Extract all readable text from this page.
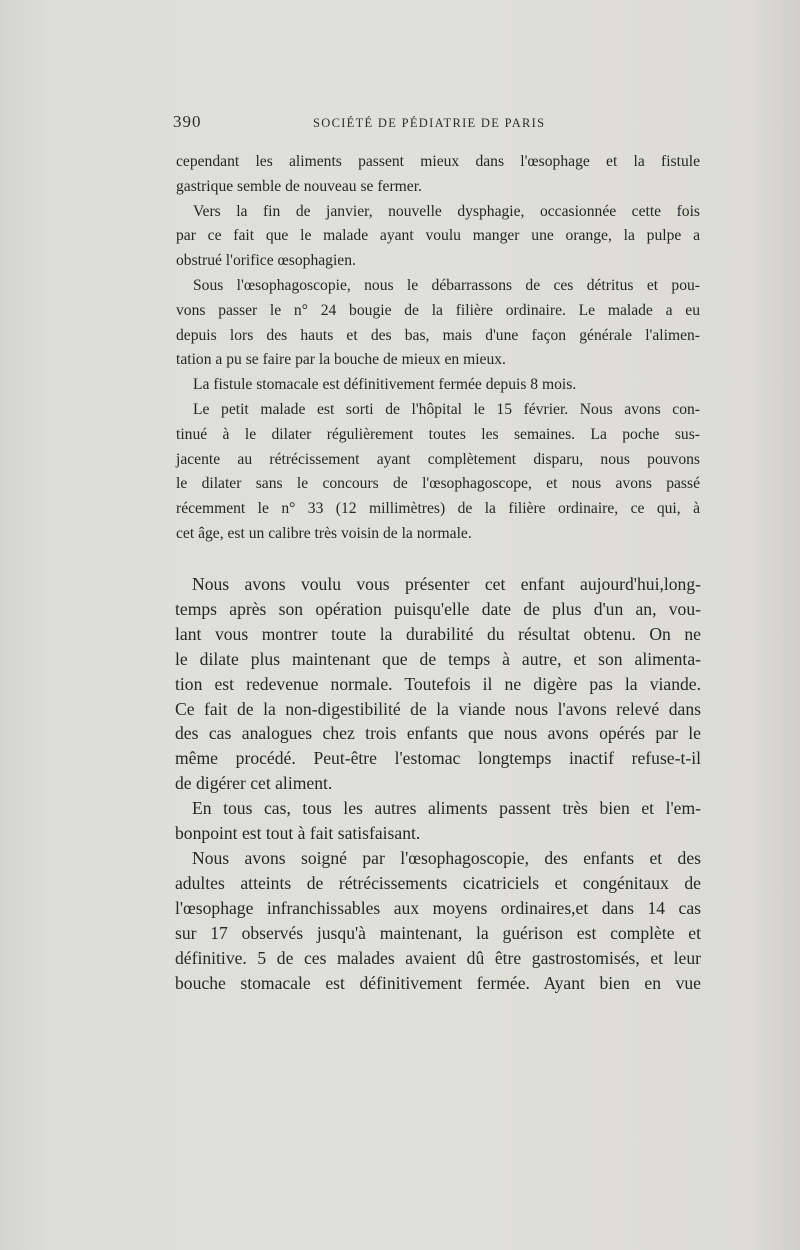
390	SOCIÉTÉ DE PÉDIATRIE DE PARIS
cependant les aliments passent mieux dans l'œsophage et la fistule
gastrique semble de nouveau se fermer.
Vers la fin de janvier, nouvelle dysphagie, occasionnée cette fois
par ce fait que le malade ayant voulu manger une orange, la pulpe a
obstrué l'orifice œsophagien.
Sous l'œsophagoscopie, nous le débarrassons de ces détritus et pou-
vons passer le n° 24 bougie de la filière ordinaire. Le malade a eu
depuis lors des hauts et des bas, mais d'une façon générale l'alimen-
tation a pu se faire par la bouche de mieux en mieux.
La fistule stomacale est définitivement fermée depuis 8 mois.
Le petit malade est sorti de l'hôpital le 15 février. Nous avons con-
tinué à le dilater régulièrement toutes les semaines. La poche sus-
jacente au rétrécissement ayant complètement disparu, nous pouvons
le dilater sans le concours de l'œsophagoscope, et nous avons passé
récemment le n° 33 (12 millimètres) de la filière ordinaire, ce qui, à
cet âge, est un calibre très voisin de la normale.
Nous avons voulu vous présenter cet enfant aujourd'hui,long-
temps après son opération puisqu'elle date de plus d'un an, vou-
lant vous montrer toute la durabilité du résultat obtenu. On ne
le dilate plus maintenant que de temps à autre, et son alimenta-
tion est redevenue normale. Toutefois il ne digère pas la viande.
Ce fait de la non-digestibilité de la viande nous l'avons relevé dans
des cas analogues chez trois enfants que nous avons opérés par le
même procédé. Peut-être l'estomac longtemps inactif refuse-t-il
de digérer cet aliment.
En tous cas, tous les autres aliments passent très bien et l'em-
bonpoint est tout à fait satisfaisant.
Nous avons soigné par l'œsophagoscopie, des enfants et des
adultes atteints de rétrécissements cicatriciels et congénitaux de
l'œsophage infranchissables aux moyens ordinaires,et dans 14 cas
sur 17 observés jusqu'à maintenant, la guérison est complète et
définitive. 5 de ces malades avaient dû être gastrostomisés, et leur
bouche stomacale est définitivement fermée. Ayant bien en vue
